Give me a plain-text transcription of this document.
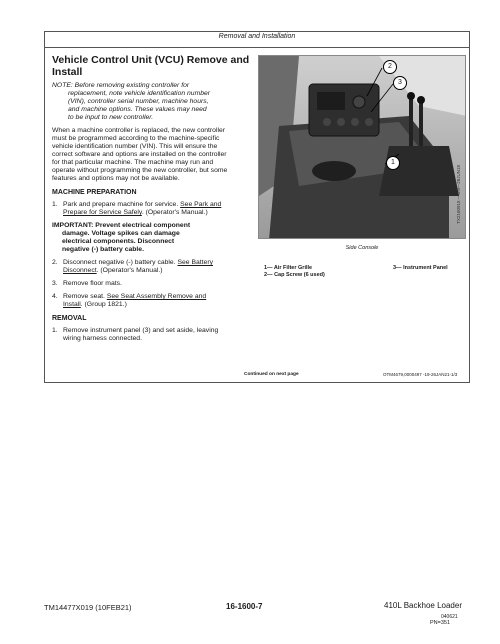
Removal and Installation
Vehicle Control Unit (VCU) Remove and
Install
NOTE: Before removing existing controller for
replacement, note vehicle identification number
(VIN), controller serial number, machine hours,
and machine options. These values may need
to be input to new controller.
When a machine controller is replaced, the new controller
must be programmed according to the machine-specific
vehicle identification number (VIN). This will ensure the
correct software and options are installed on the controller
for that particular machine. The machine may run and
operate without programming the new controller, but some
features and options may not be available.
MACHINE PREPARATION
1. Park and prepare machine for service. See Park and
Prepare for Service Safely. (Operator's Manual.)
IMPORTANT: Prevent electrical component
damage. Voltage spikes can damage
electrical components. Disconnect
negative (-) battery cable.
2. Disconnect negative (-) battery cable. See Battery
Disconnect. (Operator's Manual.)
3. Remove floor mats.
4. Remove seat. See Seat Assembly Remove and
Install. (Group 1821.)
REMOVAL
1. Remove instrument panel (3) and set aside, leaving
wiring harness connected.
2
3
1
TX2160915 —UN—28JUN18
Side Console
1— Air Filter Grille
2— Cap Screw (6 used)
3— Instrument Panel
Continued on next page	OTM4679,0000497 -19-26JAN21-1/3
TM14477X019 (10FEB21)	16-1600-7	410L Backhoe Loader
040621
PN=351
